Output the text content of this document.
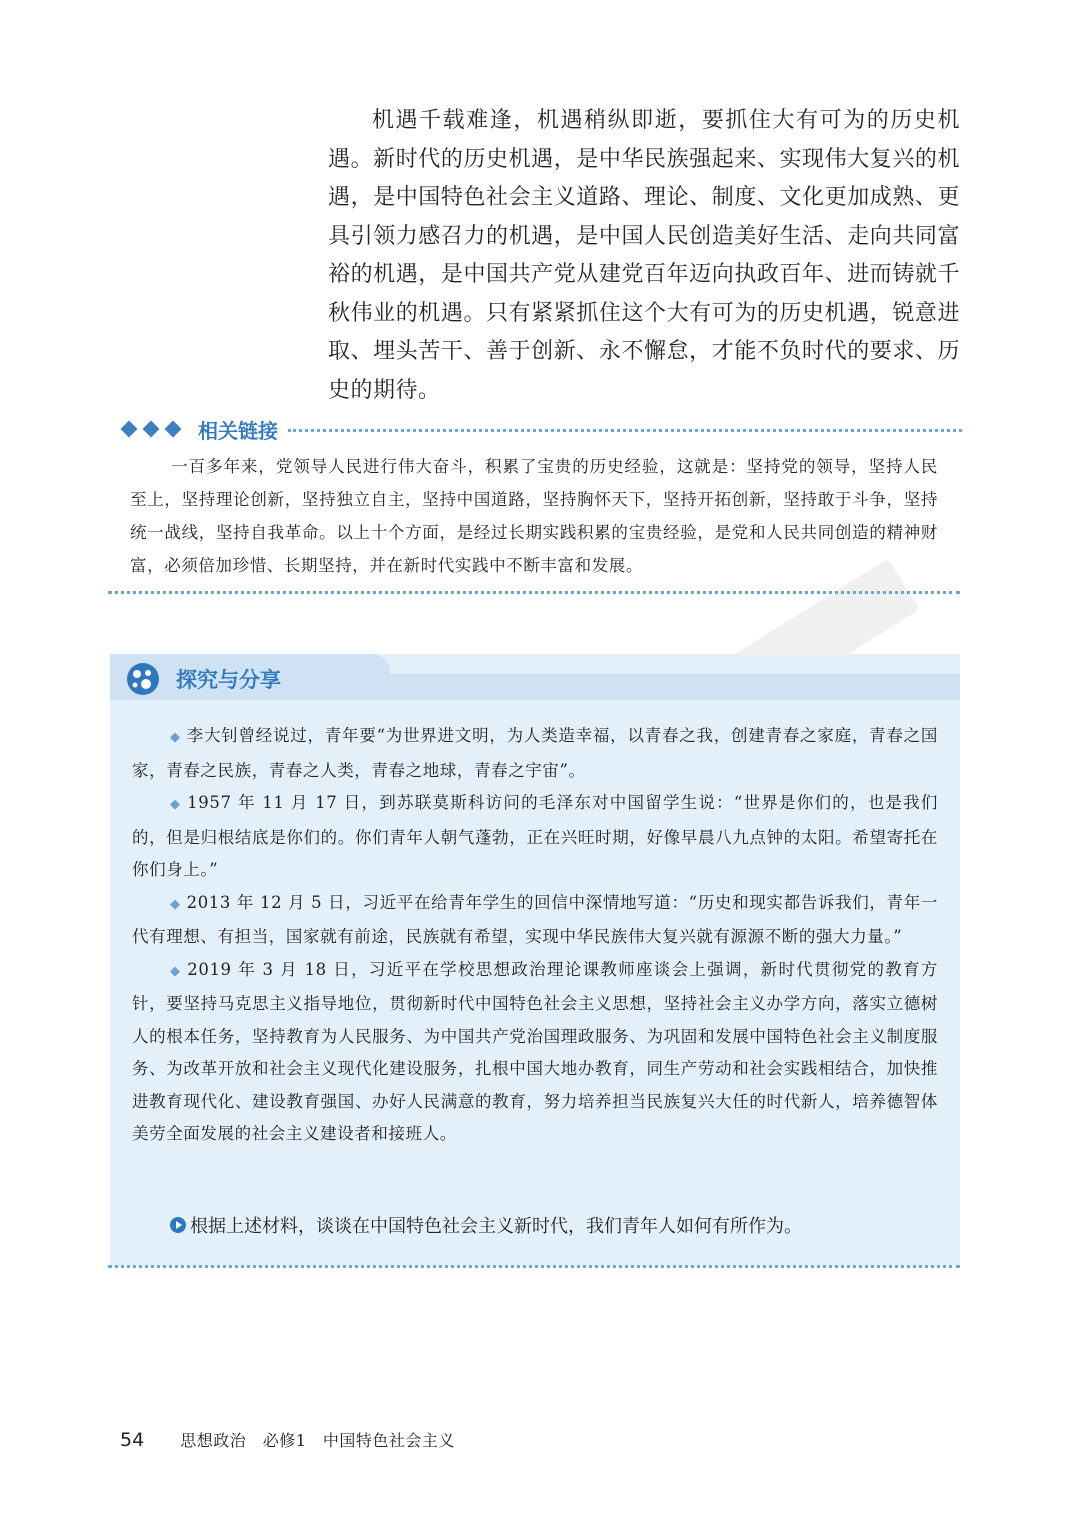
机遇千载难逢，机遇稍纵即逝，要抓住大有可为的历史机遇。新时代的历史机遇，是中华民族强起来、实现伟大复兴的机遇，是中国特色社会主义道路、理论、制度、文化更加成熟、更具引领力感召力的机遇，是中国人民创造美好生活、走向共同富裕的机遇，是中国共产党从建党百年迈向执政百年、进而铸就千秋伟业的机遇。只有紧紧抓住这个大有可为的历史机遇，锐意进取、埋头苦干、善于创新、永不懈怠，才能不负时代的要求、历史的期待。

相关链接

一百多年来，党领导人民进行伟大奋斗，积累了宝贵的历史经验，这就是：坚持党的领导，坚持人民至上，坚持理论创新，坚持独立自主，坚持中国道路，坚持胸怀天下，坚持开拓创新，坚持敢于斗争，坚持统一战线，坚持自我革命。以上十个方面，是经过长期实践积累的宝贵经验，是党和人民共同创造的精神财富，必须倍加珍惜、长期坚持，并在新时代实践中不断丰富和发展。

探究与分享

◆ 李大钊曾经说过，青年要“为世界进文明，为人类造幸福，以青春之我，创建青春之家庭，青春之国家，青春之民族，青春之人类，青春之地球，青春之宇宙”。

◆ 1957 年 11 月 17 日，到苏联莫斯科访问的毛泽东对中国留学生说：“世界是你们的，也是我们的，但是归根结底是你们的。你们青年人朝气蓬勃，正在兴旺时期，好像早晨八九点钟的太阳。希望寄托在你们身上。”

◆ 2013 年 12 月 5 日，习近平在给青年学生的回信中深情地写道：“历史和现实都告诉我们，青年一代有理想、有担当，国家就有前途，民族就有希望，实现中华民族伟大复兴就有源源不断的强大力量。”

◆ 2019 年 3 月 18 日，习近平在学校思想政治理论课教师座谈会上强调，新时代贯彻党的教育方针，要坚持马克思主义指导地位，贯彻新时代中国特色社会主义思想，坚持社会主义办学方向，落实立德树人的根本任务，坚持教育为人民服务、为中国共产党治国理政服务、为巩固和发展中国特色社会主义制度服务、为改革开放和社会主义现代化建设服务，扎根中国大地办教育，同生产劳动和社会实践相结合，加快推进教育现代化、建设教育强国、办好人民满意的教育，努力培养担当民族复兴大任的时代新人，培养德智体美劳全面发展的社会主义建设者和接班人。

根据上述材料，谈谈在中国特色社会主义新时代，我们青年人如何有所作为。
54 思想政治　必修1　中国特色社会主义
